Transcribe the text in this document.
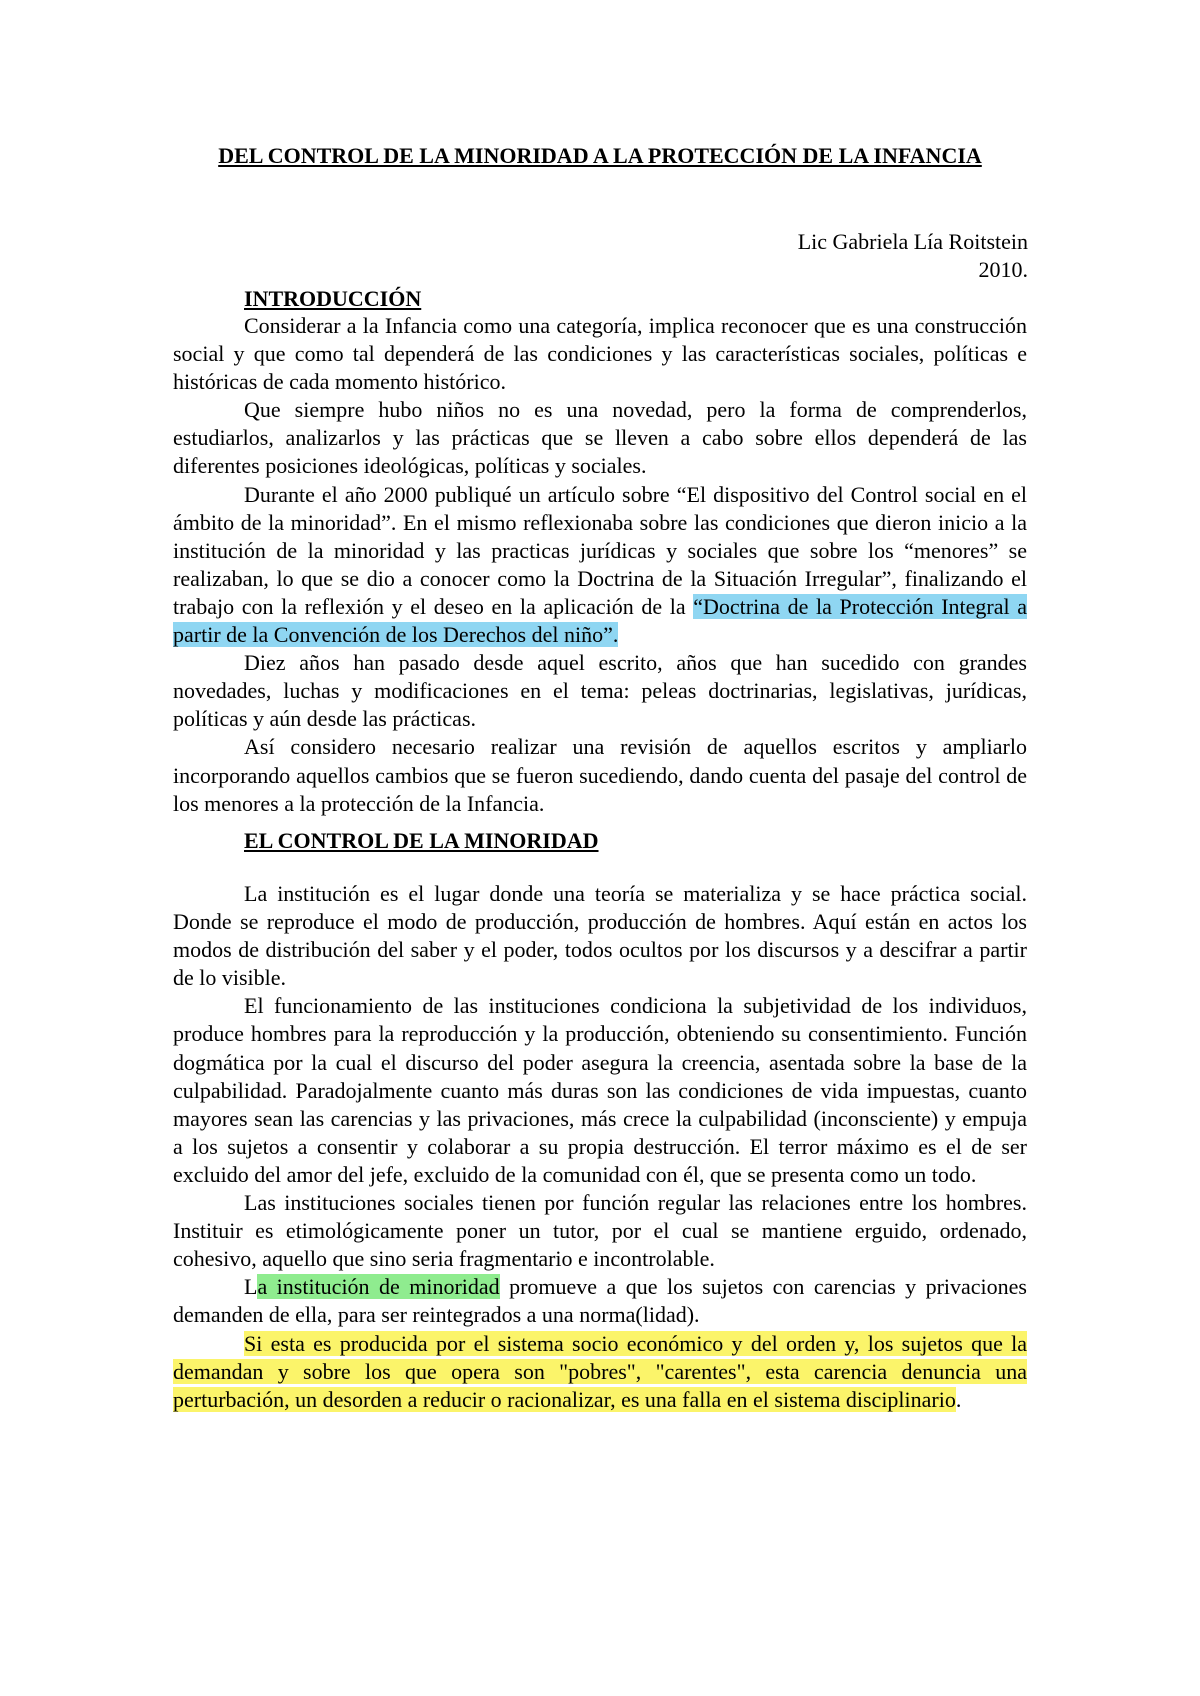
DEL CONTROL DE LA MINORIDAD A LA PROTECCIÓN DE LA INFANCIA
Lic Gabriela Lía Roitstein
2010.
INTRODUCCIÓN

Considerar a la Infancia como una categoría, implica reconocer que es una construcción social y que como tal dependerá de las condiciones y las características sociales, políticas e históricas de cada momento histórico.

Que siempre hubo niños no es una novedad, pero la forma de comprenderlos, estudiarlos, analizarlos y las prácticas que se lleven a cabo sobre ellos dependerá de las diferentes posiciones ideológicas, políticas y sociales.

Durante el año 2000 publiqué un artículo sobre “El dispositivo del Control social en el ámbito de la minoridad”. En el mismo reflexionaba sobre las condiciones que dieron inicio a la institución de la minoridad y las practicas jurídicas y sociales que sobre los “menores” se realizaban, lo que se dio a conocer como la Doctrina de la Situación Irregular”, finalizando el trabajo con la reflexión y el deseo en la aplicación de la “Doctrina de la Protección Integral a partir de la Convención de los Derechos del niño”.

Diez años han pasado desde aquel escrito, años que han sucedido con grandes novedades, luchas y modificaciones en el tema: peleas doctrinarias, legislativas, jurídicas, políticas y aún desde las prácticas.

Así considero necesario realizar una revisión de aquellos escritos y ampliarlo incorporando aquellos cambios que se fueron sucediendo, dando cuenta del pasaje del control de los menores a la protección de la Infancia.

EL CONTROL DE LA MINORIDAD

La institución es el lugar donde una teoría se materializa y se hace práctica social. Donde se reproduce el modo de producción, producción de hombres. Aquí están en actos los modos de distribución del saber y el poder, todos ocultos por los discursos y a descifrar a partir de lo visible.

El funcionamiento de las instituciones condiciona la subjetividad de los individuos, produce hombres para la reproducción y la producción, obteniendo su consentimiento. Función dogmática por la cual el discurso del poder asegura la creencia, asentada sobre la base de la culpabilidad. Paradojalmente cuanto más duras son las condiciones de vida impuestas, cuanto mayores sean las carencias y las privaciones, más crece la culpabilidad (inconsciente) y empuja a los sujetos a consentir y colaborar a su propia destrucción. El terror máximo es el de ser excluido del amor del jefe, excluido de la comunidad con él, que se presenta como un todo.

Las instituciones sociales tienen por función regular las relaciones entre los hombres. Instituir es etimológicamente poner un tutor, por el cual se mantiene erguido, ordenado, cohesivo, aquello que sino seria fragmentario e incontrolable.

La institución de minoridad promueve a que los sujetos con carencias y privaciones demanden de ella, para ser reintegrados a una norma(lidad).

Si esta es producida por el sistema socio económico y del orden y, los sujetos que la demandan y sobre los que opera son "pobres", "carentes", esta carencia denuncia una perturbación, un desorden a reducir o racionalizar, es una falla en el sistema disciplinario.
